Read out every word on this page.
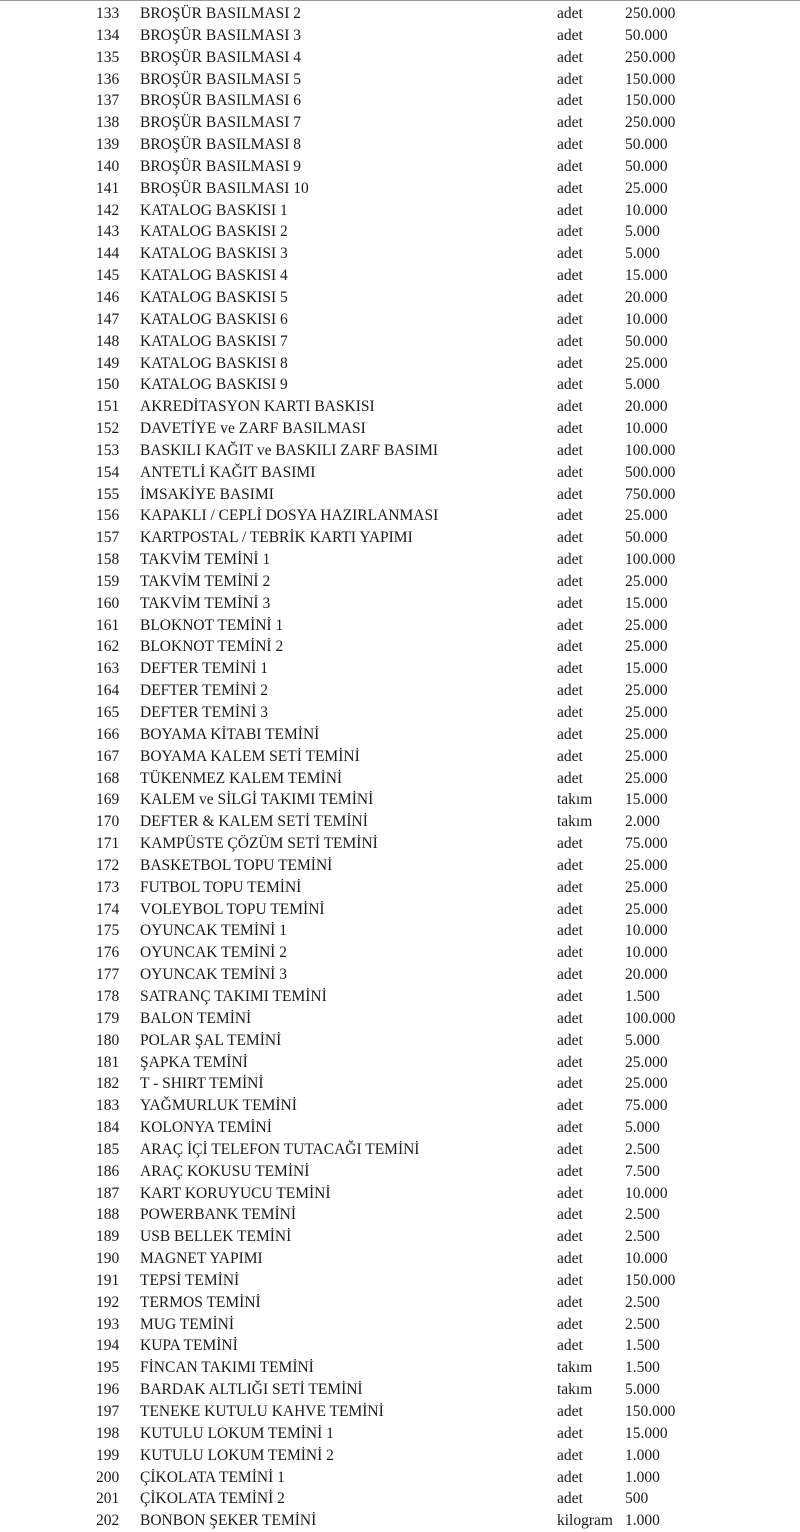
133 BROŞÜR BASILMASI 2	adet	250.000
134 BROŞÜR BASILMASI 3	adet	50.000
135 BROŞÜR BASILMASI 4	adet	250.000
136 BROŞÜR BASILMASI 5	adet	150.000
137 BROŞÜR BASILMASI 6	adet	150.000
138 BROŞÜR BASILMASI 7	adet	250.000
139 BROŞÜR BASILMASI 8	adet	50.000
140 BROŞÜR BASILMASI 9	adet	50.000
141 BROŞÜR BASILMASI 10	adet	25.000
142 KATALOG BASKISI 1	adet	10.000
143 KATALOG BASKISI 2	adet	5.000
144 KATALOG BASKISI 3	adet	5.000
145 KATALOG BASKISI 4	adet	15.000
146 KATALOG BASKISI 5	adet	20.000
147 KATALOG BASKISI 6	adet	10.000
148 KATALOG BASKISI 7	adet	50.000
149 KATALOG BASKISI 8	adet	25.000
150 KATALOG BASKISI 9	adet	5.000
151 AKREDİTASYON KARTI BASKISI	adet	20.000
152 DAVETİYE ve ZARF BASILMASI	adet	10.000
153 BASKILI KAĞIT ve BASKILI ZARF BASIMI	adet	100.000
154 ANTETLİ KAĞIT BASIMI	adet	500.000
155 İMSAKİYE BASIMI	adet	750.000
156 KAPAKLI / CEPLİ DOSYA HAZIRLANMASI	adet	25.000
157 KARTPOSTAL / TEBRİK KARTI YAPIMI	adet	50.000
158 TAKVİM TEMİNİ 1	adet	100.000
159 TAKVİM TEMİNİ 2	adet	25.000
160 TAKVİM TEMİNİ 3	adet	15.000
161 BLOKNOT TEMİNİ 1	adet	25.000
162 BLOKNOT TEMİNİ 2	adet	25.000
163 DEFTER TEMİNİ 1	adet	15.000
164 DEFTER TEMİNİ 2	adet	25.000
165 DEFTER TEMİNİ 3	adet	25.000
166 BOYAMA KİTABI TEMİNİ	adet	25.000
167 BOYAMA KALEM SETİ TEMİNİ	adet	25.000
168 TÜKENMEZ KALEM TEMİNİ	adet	25.000
169 KALEM ve SİLGİ TAKIMI TEMİNİ	takım 15.000
170 DEFTER & KALEM SETİ TEMİNİ	takım 2.000
171 KAMPÜSTE ÇÖZÜM SETİ TEMİNİ	adet	75.000
172 BASKETBOL TOPU TEMİNİ	adet	25.000
173 FUTBOL TOPU TEMİNİ	adet	25.000
174 VOLEYBOL TOPU TEMİNİ	adet	25.000
175 OYUNCAK TEMİNİ 1	adet	10.000
176 OYUNCAK TEMİNİ 2	adet	10.000
177 OYUNCAK TEMİNİ 3	adet	20.000
178 SATRANÇ TAKIMI TEMİNİ	adet	1.500
179 BALON TEMİNİ	adet	100.000
180 POLAR ŞAL TEMİNİ	adet	5.000
181 ŞAPKA TEMİNİ	adet	25.000
182 T - SHIRT TEMİNİ	adet	25.000
183 YAĞMURLUK TEMİNİ	adet	75.000
184 KOLONYA TEMİNİ	adet	5.000
185 ARAÇ İÇİ TELEFON TUTACAĞI TEMİNİ	adet	2.500
186 ARAÇ KOKUSU TEMİNİ	adet	7.500
187 KART KORUYUCU TEMİNİ	adet	10.000
188 POWERBANK TEMİNİ	adet	2.500
189 USB BELLEK TEMİNİ	adet	2.500
190 MAGNET YAPIMI	adet	10.000
191 TEPSİ TEMİNİ	adet	150.000
192 TERMOS TEMİNİ	adet	2.500
193 MUG TEMİNİ	adet	2.500
194 KUPA TEMİNİ	adet	1.500
195 FİNCAN TAKIMI TEMİNİ	takım 1.500
196 BARDAK ALTLIĞI SETİ TEMİNİ	takım 5.000
197 TENEKE KUTULU KAHVE TEMİNİ	adet	150.000
198 KUTULU LOKUM TEMİNİ 1	adet	15.000
199 KUTULU LOKUM TEMİNİ 2	adet	1.000
200 ÇİKOLATA TEMİNİ 1	adet	1.000
201 ÇİKOLATA TEMİNİ 2	adet	500
202 BONBON ŞEKER TEMİNİ	kilogram 1.000
